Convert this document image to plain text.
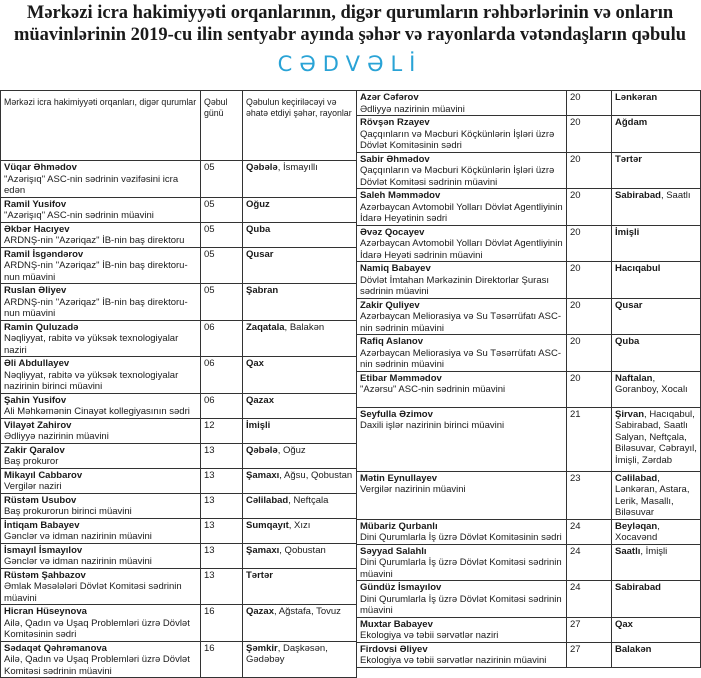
Mərkəzi icra hakimiyyəti orqanlarının, digər qurumların rəhbərlərinin və onların
müavinlərinin 2019-cu ilin sentyabr ayında şəhər və rayonlarda vətəndaşların qəbulu
CƏDVƏLİ
Mərkəzi icra hakimiyyəti orqanları, digər qurumlar	Qəbul günü	Qəbulun keçiriləcəyi və əhatə etdiyi şəhər, rayonlar

Vüqar Əhmədov
"Azərişıq" ASC-nin sədrinin vəzifəsini icra edən	05	Qəbələ, İsmayıllı

Ramil Yusifov
"Azərişıq" ASC-nin sədrinin müavini	05	Oğuz

Əkbər Hacıyev
ARDNŞ-nin "Azəriqaz" İB-nin baş direktoru	05	Quba

Ramil İsgəndərov
ARDNŞ-nin "Azəriqaz" İB-nin baş direktoru-nun müavini	05	Qusar

Ruslan Əliyev
ARDNŞ-nin "Azəriqaz" İB-nin baş direktoru-nun müavini	05	Şabran

Ramin Quluzadə
Nəqliyyat, rabitə və yüksək texnologiyalar naziri	06	Zaqatala, Balakən

Əli Abdullayev
Nəqliyyat, rabitə və yüksək texnologiyalar nazirinin birinci müavini	06	Qax

Şahin Yusifov
Ali Məhkəmənin Cinayət kollegiyasının sədri	06	Qazax

Vilayət Zahirov
Ədliyyə nazirinin müavini	12	İmişli

Zakir Qaralov
Baş prokuror	13	Qəbələ, Oğuz

Mikayıl Cabbarov
Vergilər naziri	13	Şamaxı, Ağsu, Qobustan

Rüstəm Usubov
Baş prokurorun birinci müavini	13	Cəlilabad, Neftçala

İntiqam Babayev
Gənclər və idman nazirinin müavini	13	Sumqayıt, Xızı

İsmayıl İsmayılov
Gənclər və idman nazirinin müavini	13	Şamaxı, Qobustan

Rüstəm Şahbazov
Əmlak Məsələləri Dövlət Komitəsi sədrinin müavini	13	Tərtər

Hicran Hüseynova
Ailə, Qadın və Uşaq Problemləri üzrə Dövlət Komitəsinin sədri	16	Qazax, Ağstafa, Tovuz

Sədaqət Qəhrəmanova
Ailə, Qadın və Uşaq Problemləri üzrə Dövlət Komitəsi sədrinin müavini	16	Şəmkir, Daşkəsən, Gədəbəy
Azər Cəfərov
Ədliyyə nazirinin müavini	20	Lənkəran

Rövşən Rzayev
Qaçqınların və Məcburi Köçkünlərin İşləri üzrə Dövlət Komitəsinin sədri	20	Ağdam

Sabir Əhmədov
Qaçqınların və Məcburi Köçkünlərin İşləri üzrə Dövlət Komitəsi sədrinin müavini	20	Tərtər

Saleh Məmmədov
Azərbaycan Avtomobil Yolları Dövlət Agentliyinin İdarə Heyətinin sədri	20	Sabirabad, Saatlı

Əvəz Qocayev
Azərbaycan Avtomobil Yolları Dövlət Agentliyinin İdarə Heyəti sədrinin müavini	20	İmişli

Namiq Babayev
Dövlət İmtahan Mərkəzinin Direktorlar Şurası sədrinin müavini	20	Hacıqabul

Zakir Quliyev
Azərbaycan Meliorasiya və Su Təsərrüfatı ASC-nin sədrinin müavini	20	Qusar

Rafiq Aslanov
Azərbaycan Meliorasiya və Su Təsərrüfatı ASC-nin sədrinin müavini	20	Quba

Etibar Məmmədov
"Azərsu" ASC-nin sədrinin müavini	20	Naftalan, Goranboy, Xocalı

Seyfulla Əzimov
Daxili işlər nazirinin birinci müavini	21	Şirvan, Hacıqabul, Sabirabad, Saatlı Salyan, Neftçala, Biləsuvar, Cəbrayıl, İmişli, Zərdab

Mətin Eynullayev
Vergilər nazirinin müavini	23	Cəlilabad, Lənkəran, Astara, Lerik, Masallı, Biləsuvar

Mübariz Qurbanlı
Dini Qurumlarla İş üzrə Dövlət Komitəsinin sədri	24	Beyləqan, Xocavənd

Səyyad Salahlı
Dini Qurumlarla İş üzrə Dövlət Komitəsi sədrinin müavini	24	Saatlı, İmişli

Gündüz İsmayılov
Dini Qurumlarla İş üzrə Dövlət Komitəsi sədrinin müavini	24	Sabirabad

Muxtar Babayev
Ekologiya və təbii sərvətlər naziri	27	Qax

Firdovsi Əliyev
Ekologiya və təbii sərvətlər nazirinin müavini	27	Balakən
